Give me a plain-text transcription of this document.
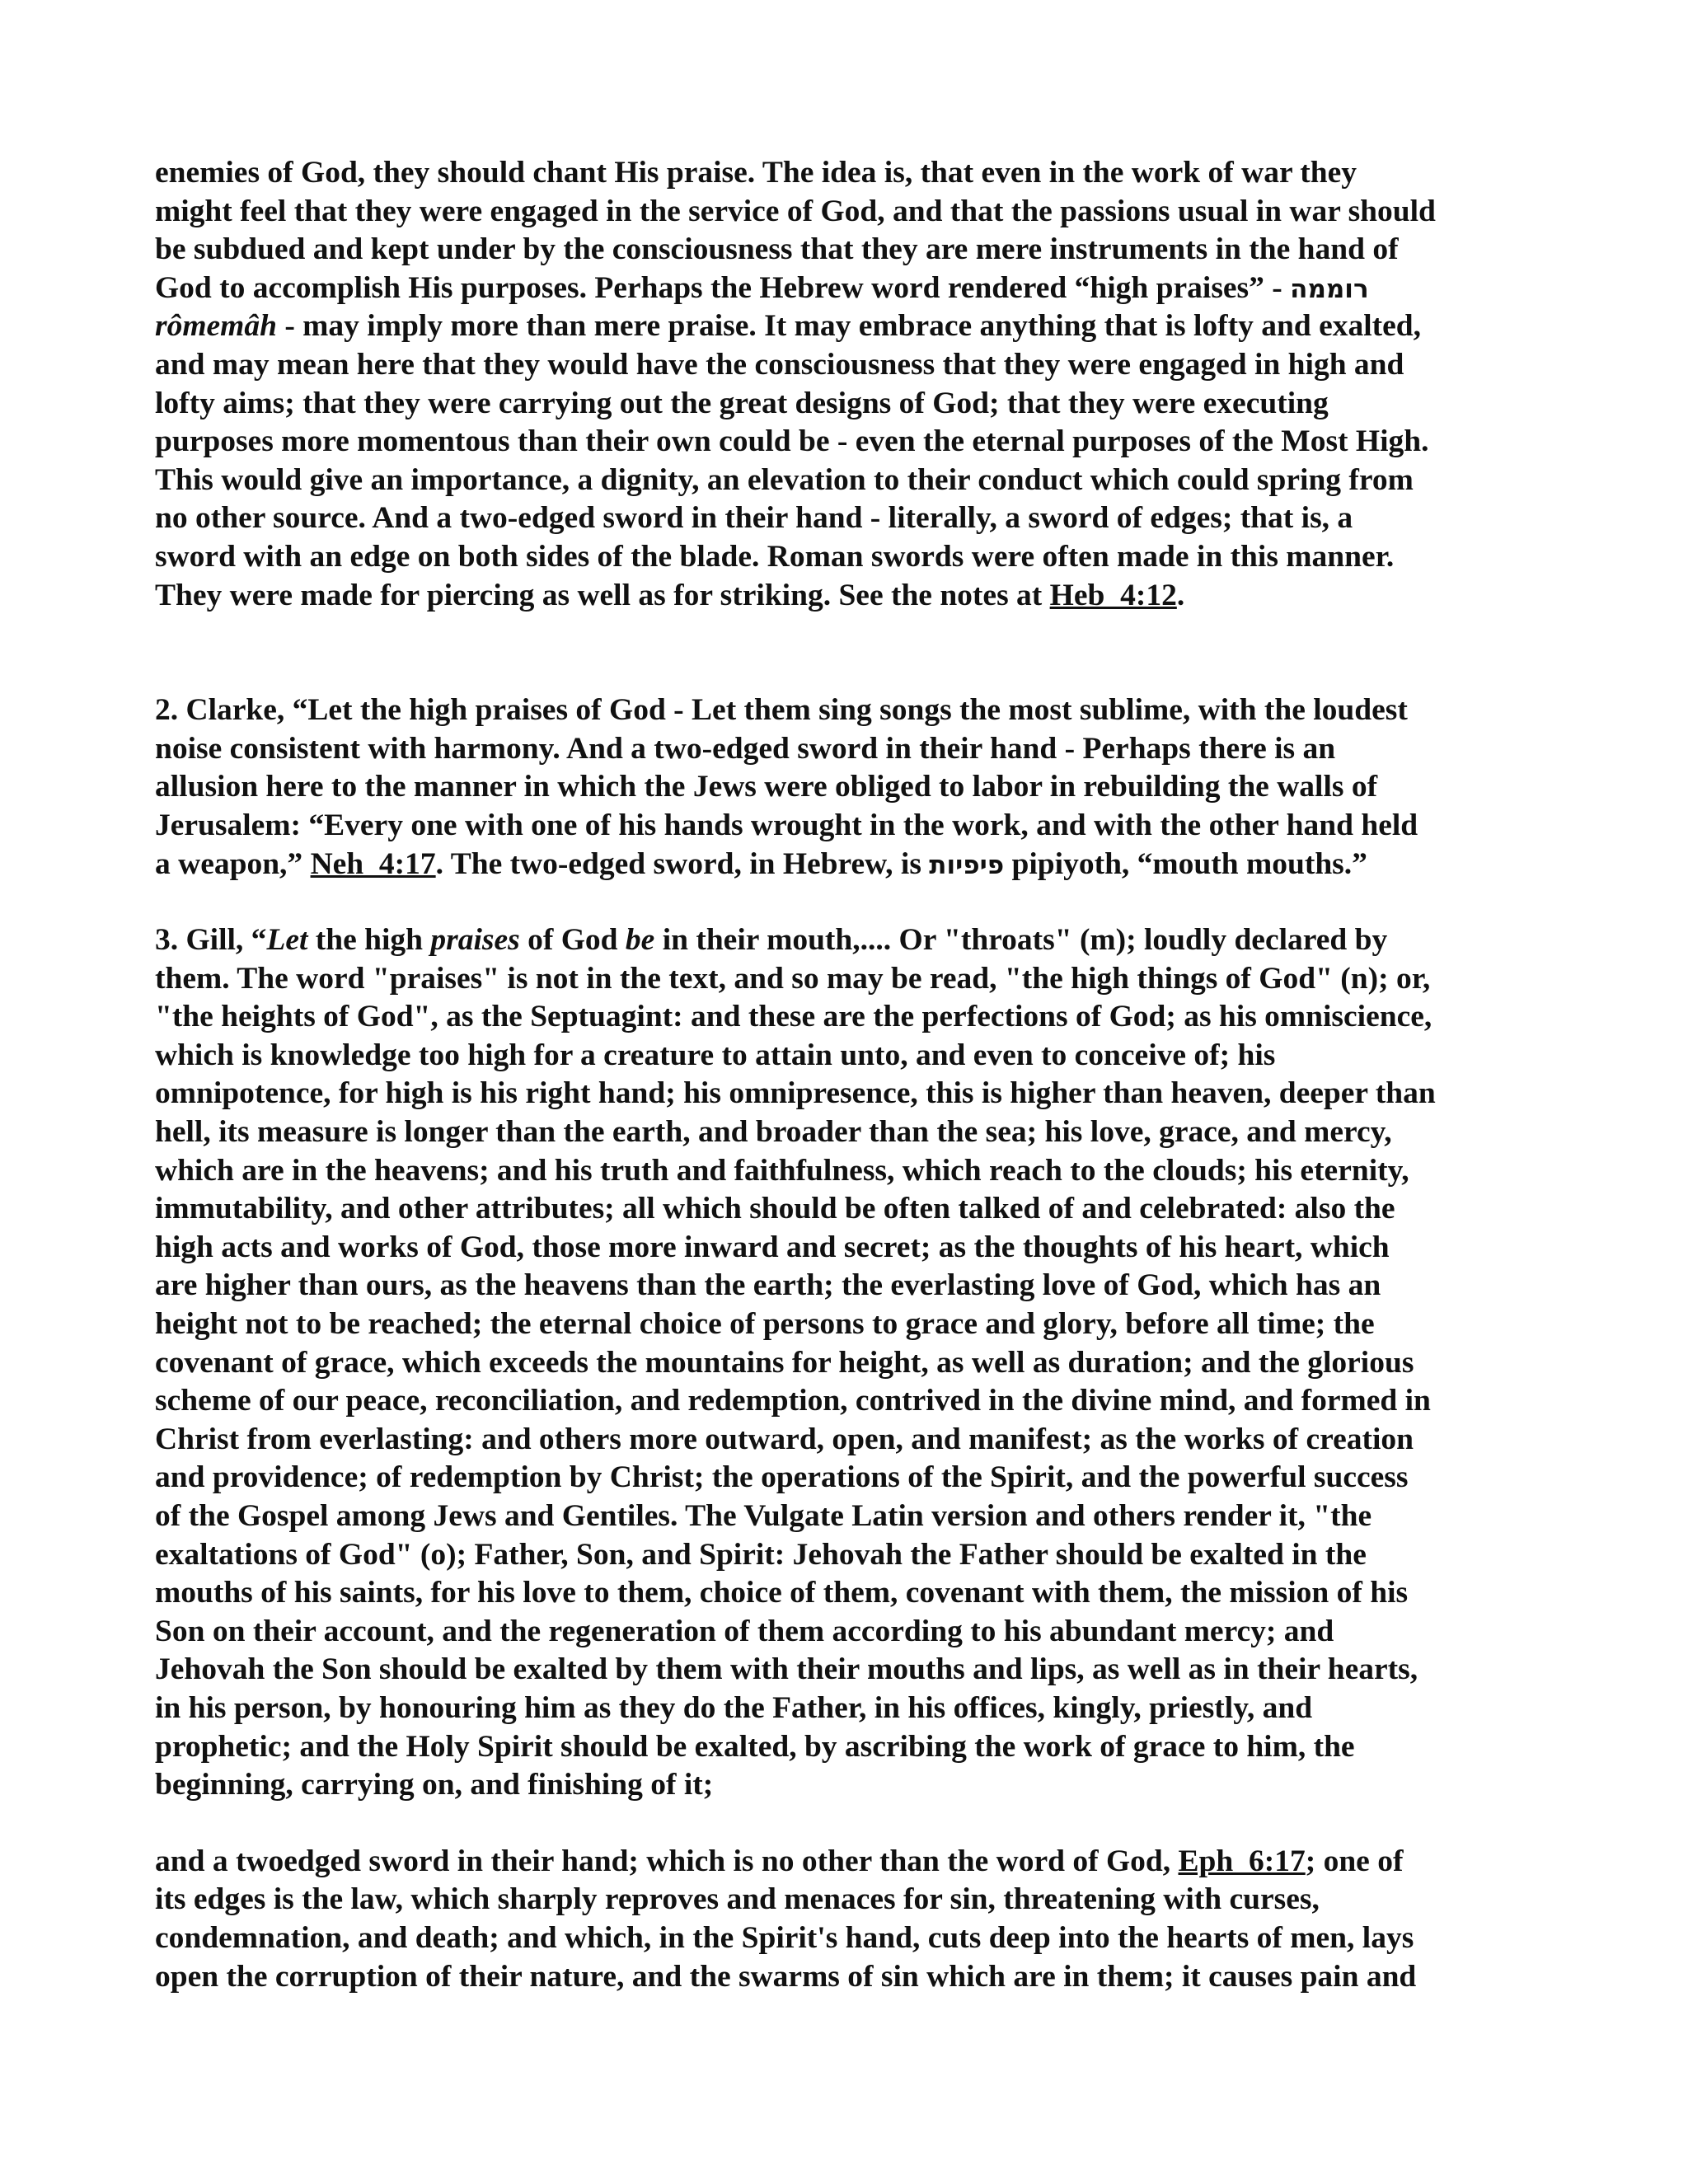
enemies of God, they should chant His praise. The idea is, that even in the work of war they
might feel that they were engaged in the service of God, and that the passions usual in war should
be subdued and kept under by the consciousness that they are mere instruments in the hand of
God to accomplish His purposes. Perhaps the Hebrew word rendered “high praises” - רוממה
rômemâh - may imply more than mere praise. It may embrace anything that is lofty and exalted,
and may mean here that they would have the consciousness that they were engaged in high and
lofty aims; that they were carrying out the great designs of God; that they were executing
purposes more momentous than their own could be - even the eternal purposes of the Most High.
This would give an importance, a dignity, an elevation to their conduct which could spring from
no other source. And a two-edged sword in their hand - literally, a sword of edges; that is, a
sword with an edge on both sides of the blade. Roman swords were often made in this manner.
They were made for piercing as well as for striking. See the notes at Heb_4:12.
2. Clarke, “Let the high praises of God - Let them sing songs the most sublime, with the loudest
noise consistent with harmony. And a two-edged sword in their hand - Perhaps there is an
allusion here to the manner in which the Jews were obliged to labor in rebuilding the walls of
Jerusalem: “Every one with one of his hands wrought in the work, and with the other hand held
a weapon,” Neh_4:17. The two-edged sword, in Hebrew, is פיפיות pipiyoth, “mouth mouths.”
3. Gill, “Let the high praises of God be in their mouth,.... Or "throats" (m); loudly declared by
them. The word "praises" is not in the text, and so may be read, "the high things of God" (n); or,
"the heights of God", as the Septuagint: and these are the perfections of God; as his omniscience,
which is knowledge too high for a creature to attain unto, and even to conceive of; his
omnipotence, for high is his right hand; his omnipresence, this is higher than heaven, deeper than
hell, its measure is longer than the earth, and broader than the sea; his love, grace, and mercy,
which are in the heavens; and his truth and faithfulness, which reach to the clouds; his eternity,
immutability, and other attributes; all which should be often talked of and celebrated: also the
high acts and works of God, those more inward and secret; as the thoughts of his heart, which
are higher than ours, as the heavens than the earth; the everlasting love of God, which has an
height not to be reached; the eternal choice of persons to grace and glory, before all time; the
covenant of grace, which exceeds the mountains for height, as well as duration; and the glorious
scheme of our peace, reconciliation, and redemption, contrived in the divine mind, and formed in
Christ from everlasting: and others more outward, open, and manifest; as the works of creation
and providence; of redemption by Christ; the operations of the Spirit, and the powerful success
of the Gospel among Jews and Gentiles. The Vulgate Latin version and others render it, "the
exaltations of God" (o); Father, Son, and Spirit: Jehovah the Father should be exalted in the
mouths of his saints, for his love to them, choice of them, covenant with them, the mission of his
Son on their account, and the regeneration of them according to his abundant mercy; and
Jehovah the Son should be exalted by them with their mouths and lips, as well as in their hearts,
in his person, by honouring him as they do the Father, in his offices, kingly, priestly, and
prophetic; and the Holy Spirit should be exalted, by ascribing the work of grace to him, the
beginning, carrying on, and finishing of it;
and a twoedged sword in their hand; which is no other than the word of God, Eph_6:17; one of
its edges is the law, which sharply reproves and menaces for sin, threatening with curses,
condemnation, and death; and which, in the Spirit's hand, cuts deep into the hearts of men, lays
open the corruption of their nature, and the swarms of sin which are in them; it causes pain and
